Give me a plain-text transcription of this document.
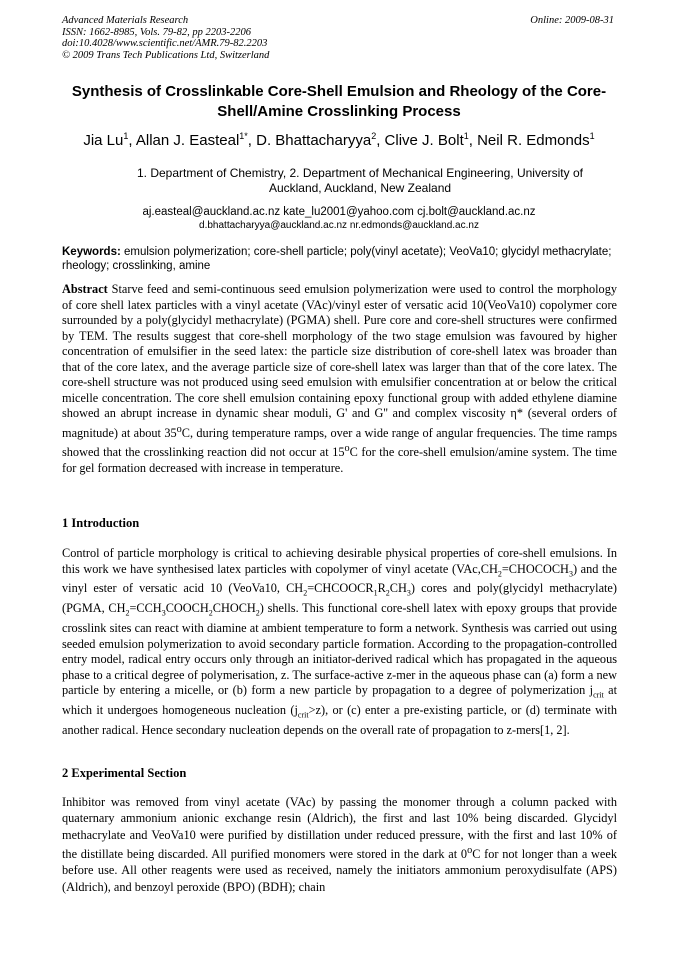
Advanced Materials Research
ISSN: 1662-8985, Vols. 79-82, pp 2203-2206
doi:10.4028/www.scientific.net/AMR.79-82.2203
© 2009 Trans Tech Publications Ltd, Switzerland
Online: 2009-08-31
Synthesis of Crosslinkable Core-Shell Emulsion and Rheology of the Core-Shell/Amine Crosslinking Process
Jia Lu$^1$, Allan J. Easteal$^{1*}$, D. Bhattacharyya$^2$, Clive J. Bolt$^1$, Neil R. Edmonds$^1$
1. Department of Chemistry, 2. Department of Mechanical Engineering, University of Auckland, Auckland, New Zealand
aj.easteal@auckland.ac.nz kate_lu2001@yahoo.com cj.bolt@auckland.ac.nz
d.bhattacharyya@auckland.ac.nz nr.edmonds@auckland.ac.nz
Keywords: emulsion polymerization; core-shell particle; poly(vinyl acetate); VeoVa10; glycidyl methacrylate; rheology; crosslinking, amine
Abstract Starve feed and semi-continuous seed emulsion polymerization were used to control the morphology of core shell latex particles with a vinyl acetate (VAc)/vinyl ester of versatic acid 10(VeoVa10) copolymer core surrounded by a poly(glycidyl methacrylate) (PGMA) shell. Pure core and core-shell structures were confirmed by TEM. The results suggest that core-shell morphology of the two stage emulsion was favoured by higher concentration of emulsifier in the seed latex: the particle size distribution of core-shell latex was broader than that of the core latex, and the average particle size of core-shell latex was larger than that of the core latex. The core-shell structure was not produced using seed emulsion with emulsifier concentration at or below the critical micelle concentration. The core shell emulsion containing epoxy functional group with added ethylene diamine showed an abrupt increase in dynamic shear moduli, G' and G'' and complex viscosity η* (several orders of magnitude) at about 35$^o$C, during temperature ramps, over a wide range of angular frequencies. The time ramps showed that the crosslinking reaction did not occur at 15$^o$C for the core-shell emulsion/amine system. The time for gel formation decreased with increase in temperature.
1 Introduction
Control of particle morphology is critical to achieving desirable physical properties of core-shell emulsions. In this work we have synthesised latex particles with copolymer of vinyl acetate $(VAc,CH_2=CHOCOCH_3)$ and the vinyl ester of versatic acid 10 (VeoVa10, $CH_2=CHCOOCR_1R_2CH_3$) cores and poly(glycidyl methacrylate) (PGMA, $CH_2=CCH_3COOCH_2CHOCH_2$) shells. This functional core-shell latex with epoxy groups that provide crosslink sites can react with diamine at ambient temperature to form a network. Synthesis was carried out using seeded emulsion polymerization to avoid secondary particle formation. According to the propagation-controlled entry model, radical entry occurs only through an initiator-derived radical which has propagated in the aqueous phase to a critical degree of polymerisation, z. The surface-active z-mer in the aqueous phase can (a) form a new particle by entering a micelle, or (b) form a new particle by propagation to a degree of polymerization $j_{crit}$ at which it undergoes homogeneous nucleation $(j_{crit}>z)$, or (c) enter a pre-existing particle, or (d) terminate with another radical. Hence secondary nucleation depends on the overall rate of propagation to z-mers[1, 2].
2 Experimental Section
Inhibitor was removed from vinyl acetate (VAc) by passing the monomer through a column packed with quaternary ammonium anionic exchange resin (Aldrich), the first and last 10% being discarded. Glycidyl methacrylate and VeoVa10 were purified by distillation under reduced pressure, with the first and last 10% of the distillate being discarded. All purified monomers were stored in the dark at 0$^o$C for not longer than a week before use. All other reagents were used as received, namely the initiators ammonium peroxydisulfate (APS) (Aldrich), and benzoyl peroxide (BPO) (BDH); chain
